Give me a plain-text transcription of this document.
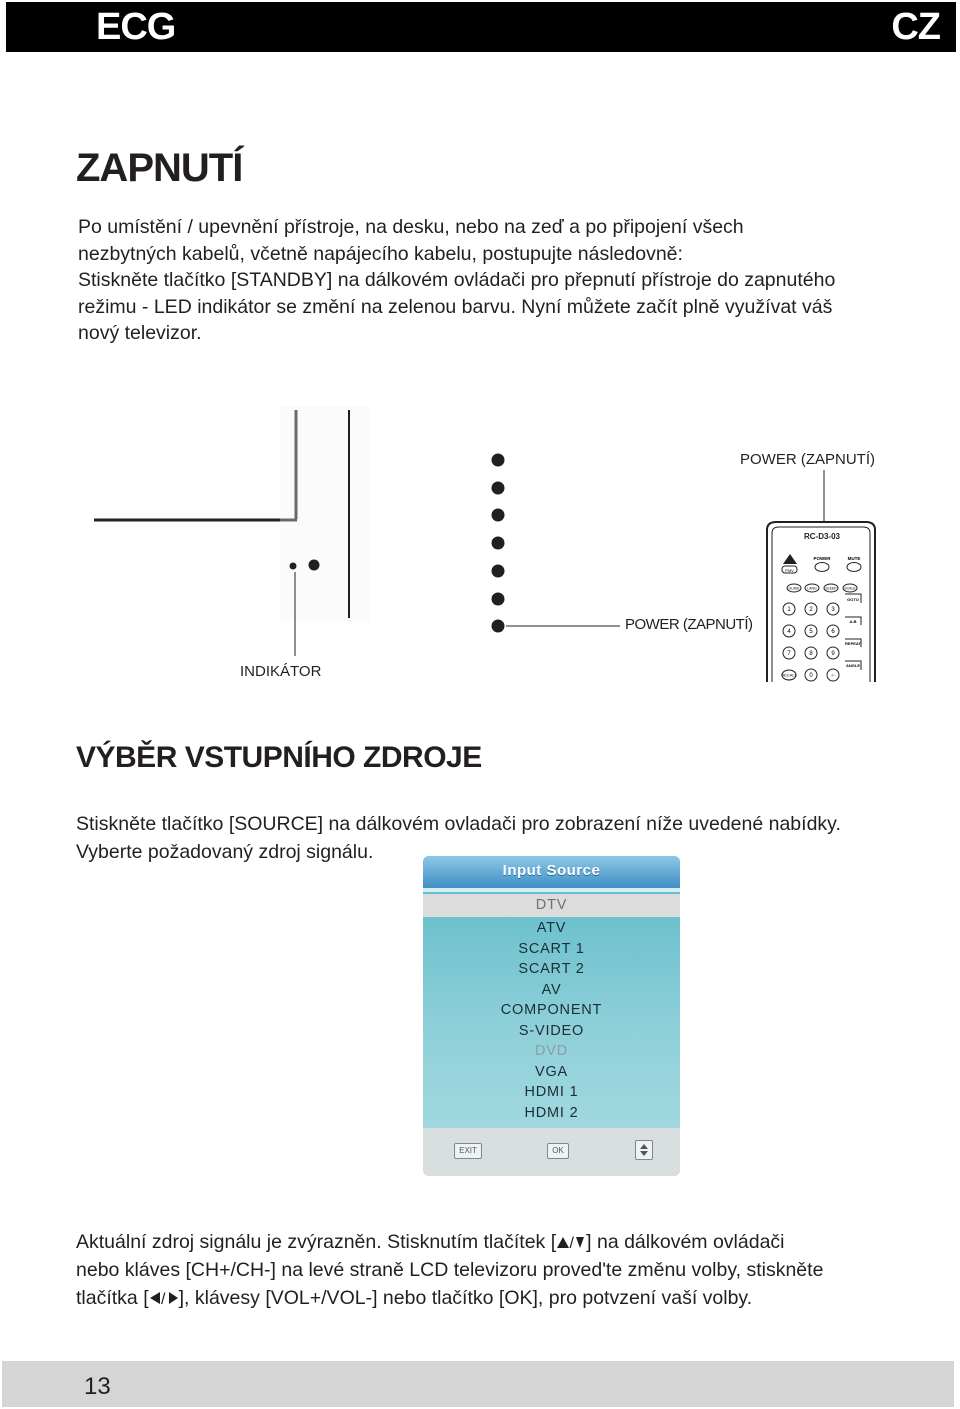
ECG	CZ
ZAPNUTÍ
Po umístění / upevnění přístroje, na desku, nebo na zeď a po připojení všech
nezbytných kabelů, včetně napájecího kabelu, postupujte následovně:
Stiskněte tlačítko [STANDBY] na dálkovém ovládači pro přepnutí přístroje do zapnutého
režimu - LED indikátor se změní na zelenou barvu. Nyní můžete začít plně využívat váš
nový televizor.
RC-D3-03
POWER	MUTE
PMV
GUIDE LANG SLEEP SCALE
GOTO
A-B
REPEAT
ANGLE
1	2	3
4	5	6
7	8	9
RECALL 0	-/--
POWER (ZAPNUTÍ)
POWER (ZAPNUTÍ)
INDIKÁTOR
VÝBĚR VSTUPNÍHO ZDROJE
Stiskněte tlačítko [SOURCE] na dálkovém ovladači pro zobrazení níže uvedené nabídky.
Vyberte požadovaný zdroj signálu.
Input Source
DTV
ATV
SCART 1
SCART 2
AV
COMPONENT
S-VIDEO
DVD
VGA
HDMI 1
HDMI 2
EXIT	OK
Aktuální zdroj signálu je zvýrazněn. Stisknutím tlačítek [ / ] na dálkovém ovládači
nebo kláves [CH+/CH-] na levé straně LCD televizoru proved'te změnu volby, stiskněte
tlačítka [ / ], klávesy [VOL+/VOL-] nebo tlačítko [OK], pro potvzení vaší volby.
13
